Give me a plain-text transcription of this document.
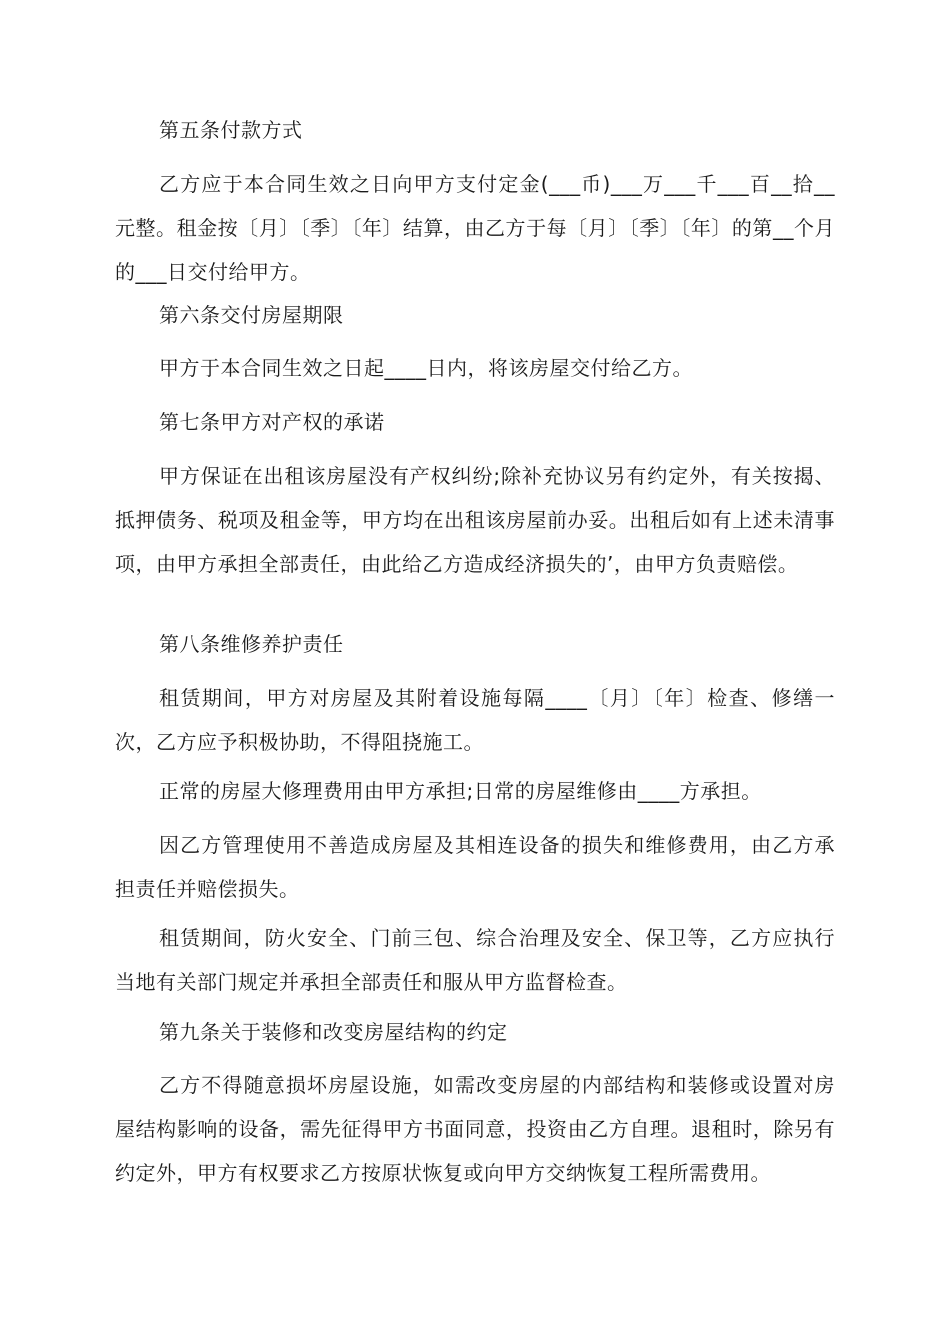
第五条付款方式

乙方应于本合同生效之日向甲方支付定金(___币)___万___千___百__拾__元整。租金按〔月〕〔季〕〔年〕结算，由乙方于每〔月〕〔季〕〔年〕的第__个月的___日交付给甲方。

第六条交付房屋期限

甲方于本合同生效之日起____日内，将该房屋交付给乙方。

第七条甲方对产权的承诺

甲方保证在出租该房屋没有产权纠纷;除补充协议另有约定外，有关按揭、抵押债务、税项及租金等，甲方均在出租该房屋前办妥。出租后如有上述未清事项，由甲方承担全部责任，由此给乙方造成经济损失的’，由甲方负责赔偿。

第八条维修养护责任

租赁期间，甲方对房屋及其附着设施每隔____〔月〕〔年〕检查、修缮一次，乙方应予积极协助，不得阻挠施工。

正常的房屋大修理费用由甲方承担;日常的房屋维修由____方承担。

因乙方管理使用不善造成房屋及其相连设备的损失和维修费用，由乙方承担责任并赔偿损失。

租赁期间，防火安全、门前三包、综合治理及安全、保卫等，乙方应执行当地有关部门规定并承担全部责任和服从甲方监督检查。

第九条关于装修和改变房屋结构的约定

乙方不得随意损坏房屋设施，如需改变房屋的内部结构和装修或设置对房屋结构影响的设备，需先征得甲方书面同意，投资由乙方自理。退租时，除另有约定外，甲方有权要求乙方按原状恢复或向甲方交纳恢复工程所需费用。
